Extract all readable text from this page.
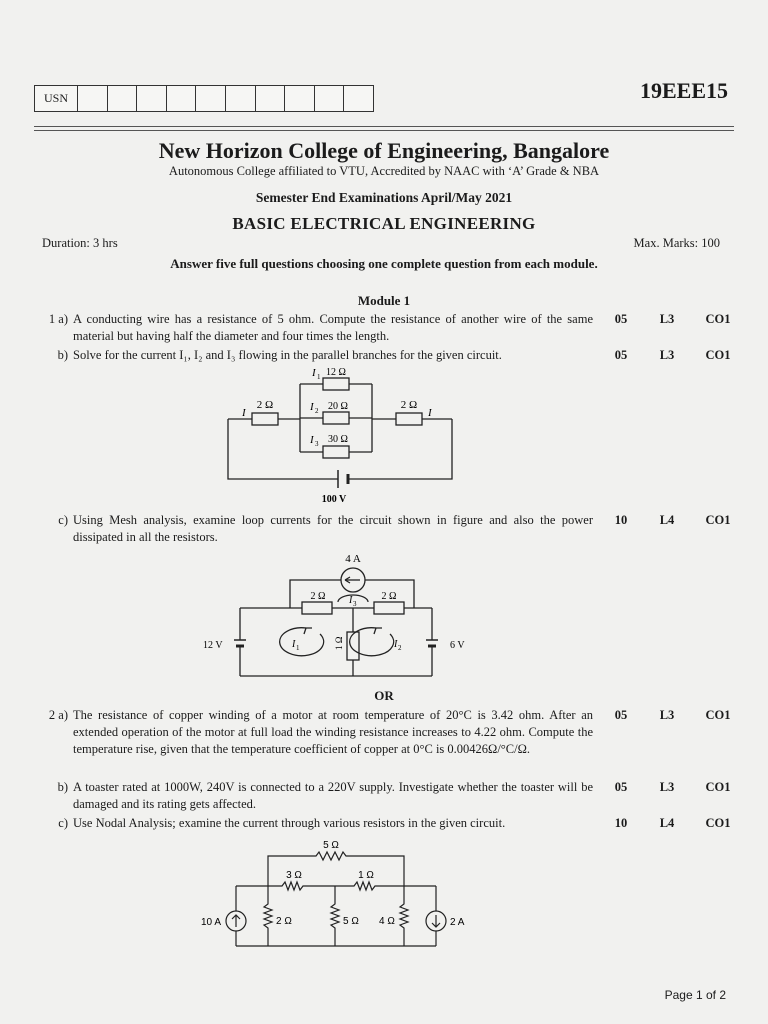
USN	19EEE15
New Horizon College of Engineering, Bangalore
Autonomous College affiliated to VTU, Accredited by NAAC with ‘A’ Grade & NBA
Semester End Examinations April/May 2021
BASIC ELECTRICAL ENGINEERING
Duration: 3 hrs	Max. Marks: 100
Answer five full questions choosing one complete question from each module.
Module 1
1 a) A conducting wire has a resistance of 5 ohm. Compute the resistance of another wire of the same material but having half the diameter and four times the length.
05	L3	CO1
b) Solve for the current I₁, I₂ and I₃ flowing in the parallel branches for the given circuit.	05	L3	CO1
2 Ω
I	I
I 1 12 Ω
I 2 20 Ω
I 3 30 Ω
2 Ω
100 V
c) Using Mesh analysis, examine loop currents for the circuit shown in figure and also the power dissipated in all the resistors.
10	L4	CO1
4 A
2 Ω	2 Ω
I 3
1 Ω
12 V	6 V
I 1	I 2
OR
2 a) The resistance of copper winding of a motor at room temperature of 20°C is 3.42 ohm. After an extended operation of the motor at full load the winding resistance increases to 4.22 ohm. Compute the temperature rise, given that the temperature coefficient of copper at 0°C is 0.00426Ω/°C/Ω.
05	L3	CO1
b) A toaster rated at 1000W, 240V is connected to a 220V supply. Investigate whether the toaster will be damaged and its rating gets affected.
05	L3	CO1
c) Use Nodal Analysis; examine the current through various resistors in the given circuit.	10	L4	CO1
5 Ω
3 Ω	1 Ω
2 Ω	5 Ω 4 Ω
10 A	2 A
Page 1 of 2
